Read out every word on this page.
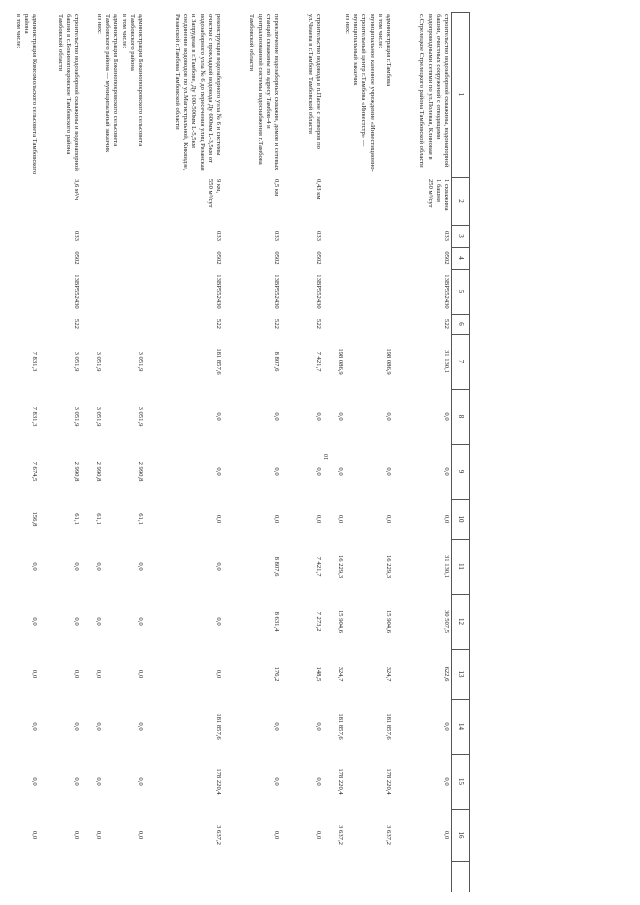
10
1
2
3
4
5
6
7
8
9
10
11
12
13
14
15
16
строительство водозаборной скважины, водонапорной башни, очистных сооружений с отводящими водопроводными сетями по ул.Полевая, Клиновая в с.Стрелецкое Стрелецкого района Тамбовской области
1 скважина
1 башня
250 м³/сут
033
0502
13ВР552430
522
31 130,1
0,0
0,0
0,0
31 130,1
30 507,5
622,6
0,0
0,0
0,0
администрация г.Тамбова
в том числе:
муниципальное казенное учреждение «Инвестиционно-строительный центр г.Тамбова «Инвестстр» — муниципальный заказчик
из них:
198 086,9
0,0
0,0
0,0
16 229,3
15 904,6
324,7
181 857,6
178 220,4
3 637,2
198 086,9
0,0
0,0
0,0
16 229,3
15 904,6
324,7
181 857,6
178 220,4
3 637,2
строительство водовода в п.Пасне с затворов по ул.Чиаева в г.Тамбове Тамбовской области
0,43 км
033
0502
13ВР552430
522
7 421,7
0,0
0,0
0,0
7 421,7
7 273,2
148,5
0,0
0,0
0,0
переключение водозаборных скважин, домов и сетевых станций скважины по адресу Тамбов-4 и централизованной системы водоснабжения г.Тамбова Тамбовской области
0,5 км
033
0502
13ВР552430
522
8 807,6
0,0
0,0
0,0
8 807,6
8 631,4
176,2
0,0
0,0
0,0
реконструкция водозаборного узла № 6 и системы очистки с прокладкой водовода Ду 600мм L-3,5км от водозаборного узла № 6 до пересечения улиц Рязанская и Запрудная в г.Тамбове, Ду 100-500мм L-5,5км соединение водоводов по ул.Магистральной, Киквидзе, Рязанской г.Тамбова Тамбовской области
9 км,
550 м³/сут
033
0502
13ВР552430
522
181 857,6
0,0
0,0
0,0
0,0
0,0
0,0
181 857,6
178 220,4
3 637,2
администрация Бокинопокровского сельсовета Тамбовского района
в том числе:
администрация Бокинопокровского сельсовета Тамбовского района — муниципальный заказчик
из них:
3 051,9
3 051,9
2 990,8
61,1
0,0
0,0
0,0
0,0
0,0
0,0
3 051,9
3 051,9
2 990,8
61,1
0,0
0,0
0,0
0,0
0,0
0,0
строительство водозаборной скважины и водонапорной башни в с.Бокинопокровское Тамбовского района Тамбовской области
3,6 м³/ч
033
0502
13ВР552430
522
3 051,9
3 051,9
2 990,8
61,1
0,0
0,0
0,0
0,0
0,0
0,0
администрация Комсомольского сельсовета Тамбовского района
в том числе:
7 831,3
7 831,3
7 674,5
156,8
0,0
0,0
0,0
0,0
0,0
0,0
